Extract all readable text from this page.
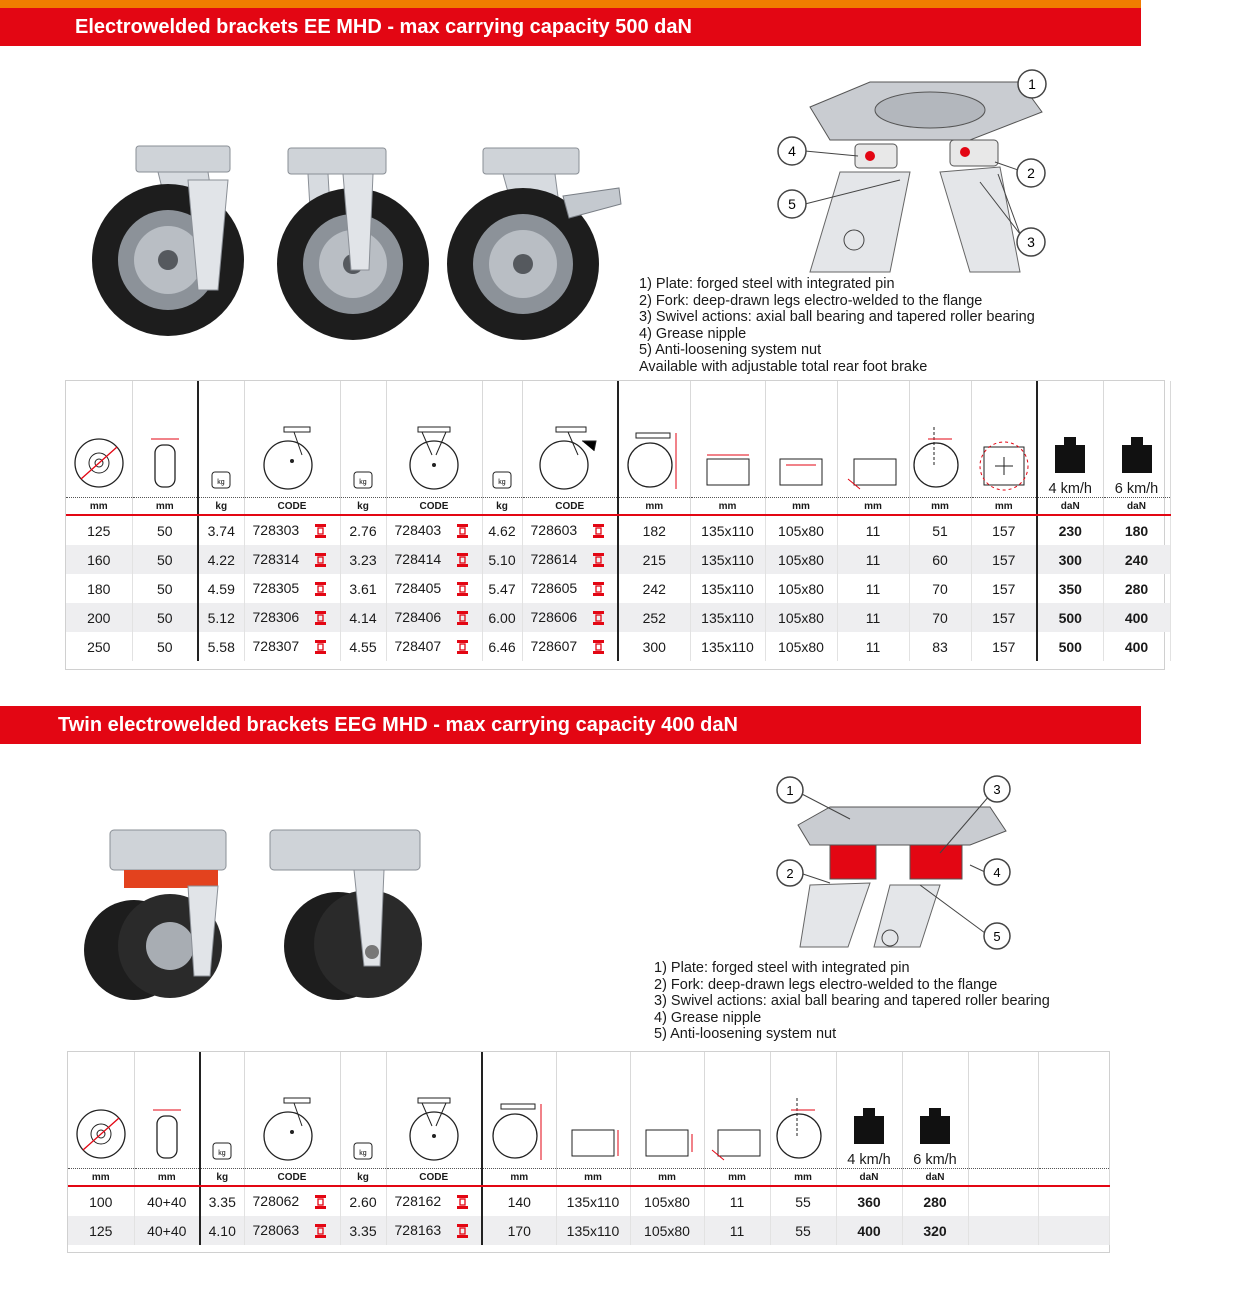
Electrowelded brackets EE MHD - max carrying capacity 500 daN
1
2
3
4
5
1) Plate: forged steel with integrated pin
2) Fork: deep-drawn legs electro-welded to the flange
3) Swivel actions: axial ball bearing and tapered roller bearing
4) Grease nipple
5) Anti-loosening system nut
Available with adjustable total rear foot brake

kg		kg		kg								4 km/h	6 km/h
mm	mm	kg	CODE	kg	CODE	kg	CODE	mm	mm	mm	mm	mm	mm	daN	daN
125	50	3.74	728303	2.76	728403	4.62	728603	182	135x110	105x80	11	51	157	230	180
160	50	4.22	728314	3.23	728414	5.10	728614	215	135x110	105x80	11	60	157	300	240
180	50	4.59	728305	3.61	728405	5.47	728605	242	135x110	105x80	11	70	157	350	280
200	50	5.12	728306	4.14	728406	6.00	728606	252	135x110	105x80	11	70	157	500	400
250	50	5.58	728307	4.55	728407	6.46	728607	300	135x110	105x80	11	83	157	500	400
Twin electrowelded brackets EEG MHD - max carrying capacity 400 daN
1
2
3
4
5
1) Plate: forged steel with integrated pin
2) Fork: deep-drawn legs electro-welded to the flange
3) Swivel actions: axial ball bearing and tapered roller bearing
4) Grease nipple
5) Anti-loosening system nut

kg		kg							4 km/h	6 km/h		
mm	mm	kg	CODE	kg	CODE	mm	mm	mm	mm	mm	daN	daN		
100	40+40	3.35	728062	2.60	728162	140	135x110	105x80	11	55	360	280		
125	40+40	4.10	728063	3.35	728163	170	135x110	105x80	11	55	400	320		
